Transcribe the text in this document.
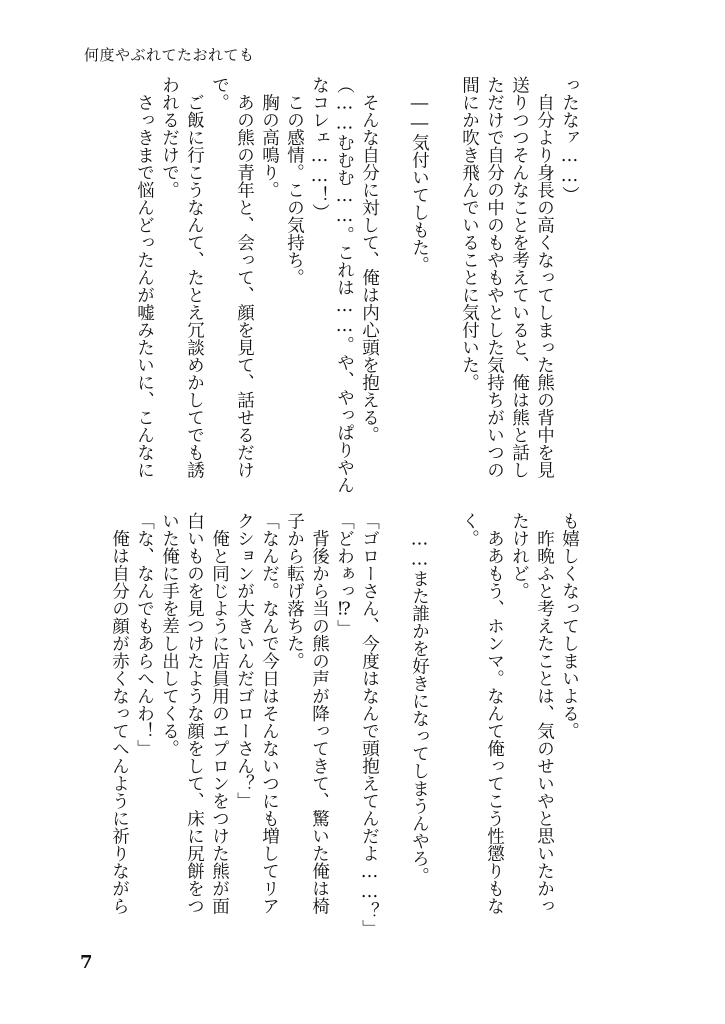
何度やぶれてたおれても
ったなァ……）
　自分より身長の高くなってしまった熊の背中を見
送りつつそんなことを考えていると、俺は熊と話し
ただけで自分の中のもやもやとした気持ちがいつの
間にか吹き飛んでいることに気付いた。
　――気付いてしもた。
　そんな自分に対して、俺は内心頭を抱える。
（……むむむ……。これは……。や、やっぱりやん
なコレェ……！）
　この感情。この気持ち。
　胸の高鳴り。
　あの熊の青年と、会って、顔を見て、話せるだけ
で。
　ご飯に行こうなんて、たとえ冗談めかしてでも誘
われるだけで。
　さっきまで悩んどったんが嘘みたいに、こんなに
も嬉しくなってしまいよる。
　昨晩ふと考えたことは、気のせいやと思いたかっ
たけれど。
　ああもう、ホンマ。なんて俺ってこう性懲りもな
く。
　……また誰かを好きになってしまうんやろ。
「ゴローさん、今度はなんで頭抱えてんだよ……？」
「どわぁっ⁉」
　背後から当の熊の声が降ってきて、驚いた俺は椅
子から転げ落ちた。
「なんだ。なんで今日はそんないつにも増してリア
クションが大きいんだゴローさん？」
　俺と同じように店員用のエプロンをつけた熊が面
白いものを見つけたような顔をして、床に尻餅をつ
いた俺に手を差し出してくる。
「な、なんでもあらへんわ！」
　俺は自分の顔が赤くなってへんように祈りながら
7
